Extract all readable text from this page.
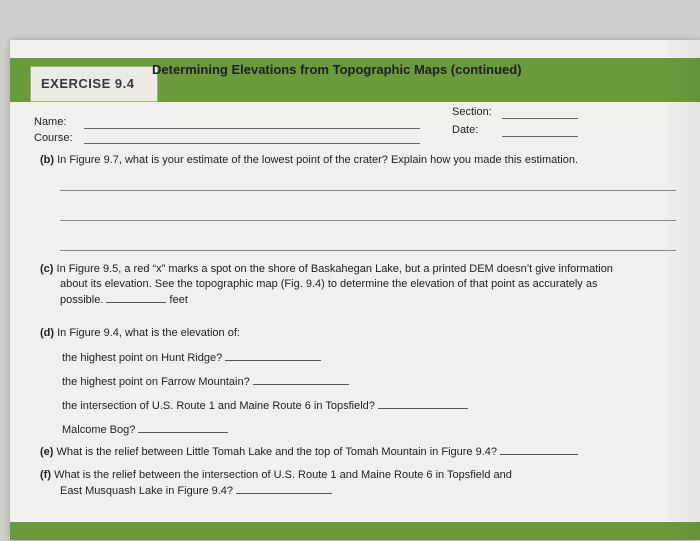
EXERCISE 9.4
Determining Elevations from Topographic Maps (continued)
Name:
Course:
Section:
Date:
(b) In Figure 9.7, what is your estimate of the lowest point of the crater? Explain how you made this estimation.
(c) In Figure 9.5, a red “x” marks a spot on the shore of Baskahegan Lake, but a printed DEM doesn’t give information
about its elevation. See the topographic map (Fig. 9.4) to determine the elevation of that point as accurately as
possible.	feet
(d) In Figure 9.4, what is the elevation of:
the highest point on Hunt Ridge?
the highest point on Farrow Mountain?
the intersection of U.S. Route 1 and Maine Route 6 in Topsfield?
Malcome Bog?
(e) What is the relief between Little Tomah Lake and the top of Tomah Mountain in Figure 9.4?
(f) What is the relief between the intersection of U.S. Route 1 and Maine Route 6 in Topsfield and
East Musquash Lake in Figure 9.4?
